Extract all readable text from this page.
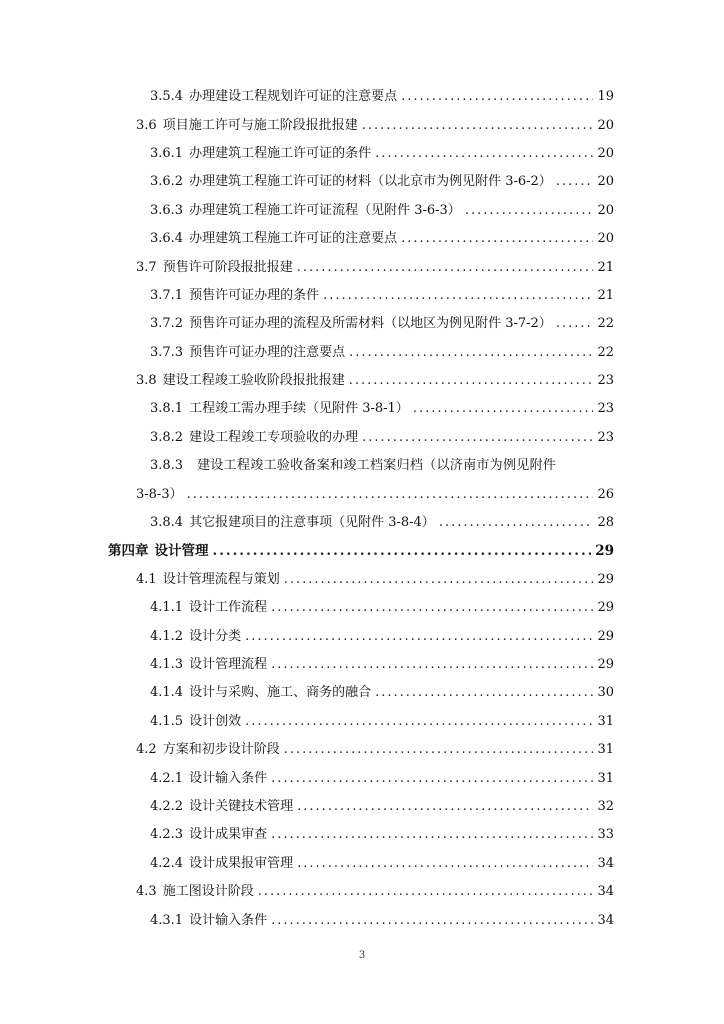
3.5.4 办理建设工程规划许可证的注意要点 .....	19
3.6 项目施工许可与施工阶段报批报建 .....	20
3.6.1 办理建筑工程施工许可证的条件 .....	20
3.6.2 办理建筑工程施工许可证的材料（以北京市为例见附件 3-6-2） .....	20
3.6.3 办理建筑工程施工许可证流程（见附件 3-6-3） .....	20
3.6.4 办理建筑工程施工许可证的注意要点 .....	20
3.7 预售许可阶段报批报建 .....	21
3.7.1 预售许可证办理的条件 .....	21
3.7.2 预售许可证办理的流程及所需材料（以地区为例见附件 3-7-2） .....	22
3.7.3 预售许可证办理的注意要点 .....	22
3.8 建设工程竣工验收阶段报批报建 .....	23
3.8.1 工程竣工需办理手续（见附件 3-8-1） .....	23
3.8.2 建设工程竣工专项验收的办理 .....	23
3.8.3 建设工程竣工验收备案和竣工档案归档（以济南市为例见附件
3-8-3） .....	26
3.8.4 其它报建项目的注意事项（见附件 3-8-4） .....	28
第四章 设计管理 .....	29
4.1 设计管理流程与策划 .....	29
4.1.1 设计工作流程 .....	29
4.1.2 设计分类 .....	29
4.1.3 设计管理流程 .....	29
4.1.4 设计与采购、施工、商务的融合 .....	30
4.1.5 设计创效 .....	31
4.2 方案和初步设计阶段 .....	31
4.2.1 设计输入条件 .....	31
4.2.2 设计关键技术管理 .....	32
4.2.3 设计成果审查 .....	33
4.2.4 设计成果报审管理 .....	34
4.3 施工图设计阶段 .....	34
4.3.1 设计输入条件 .....	34
3
